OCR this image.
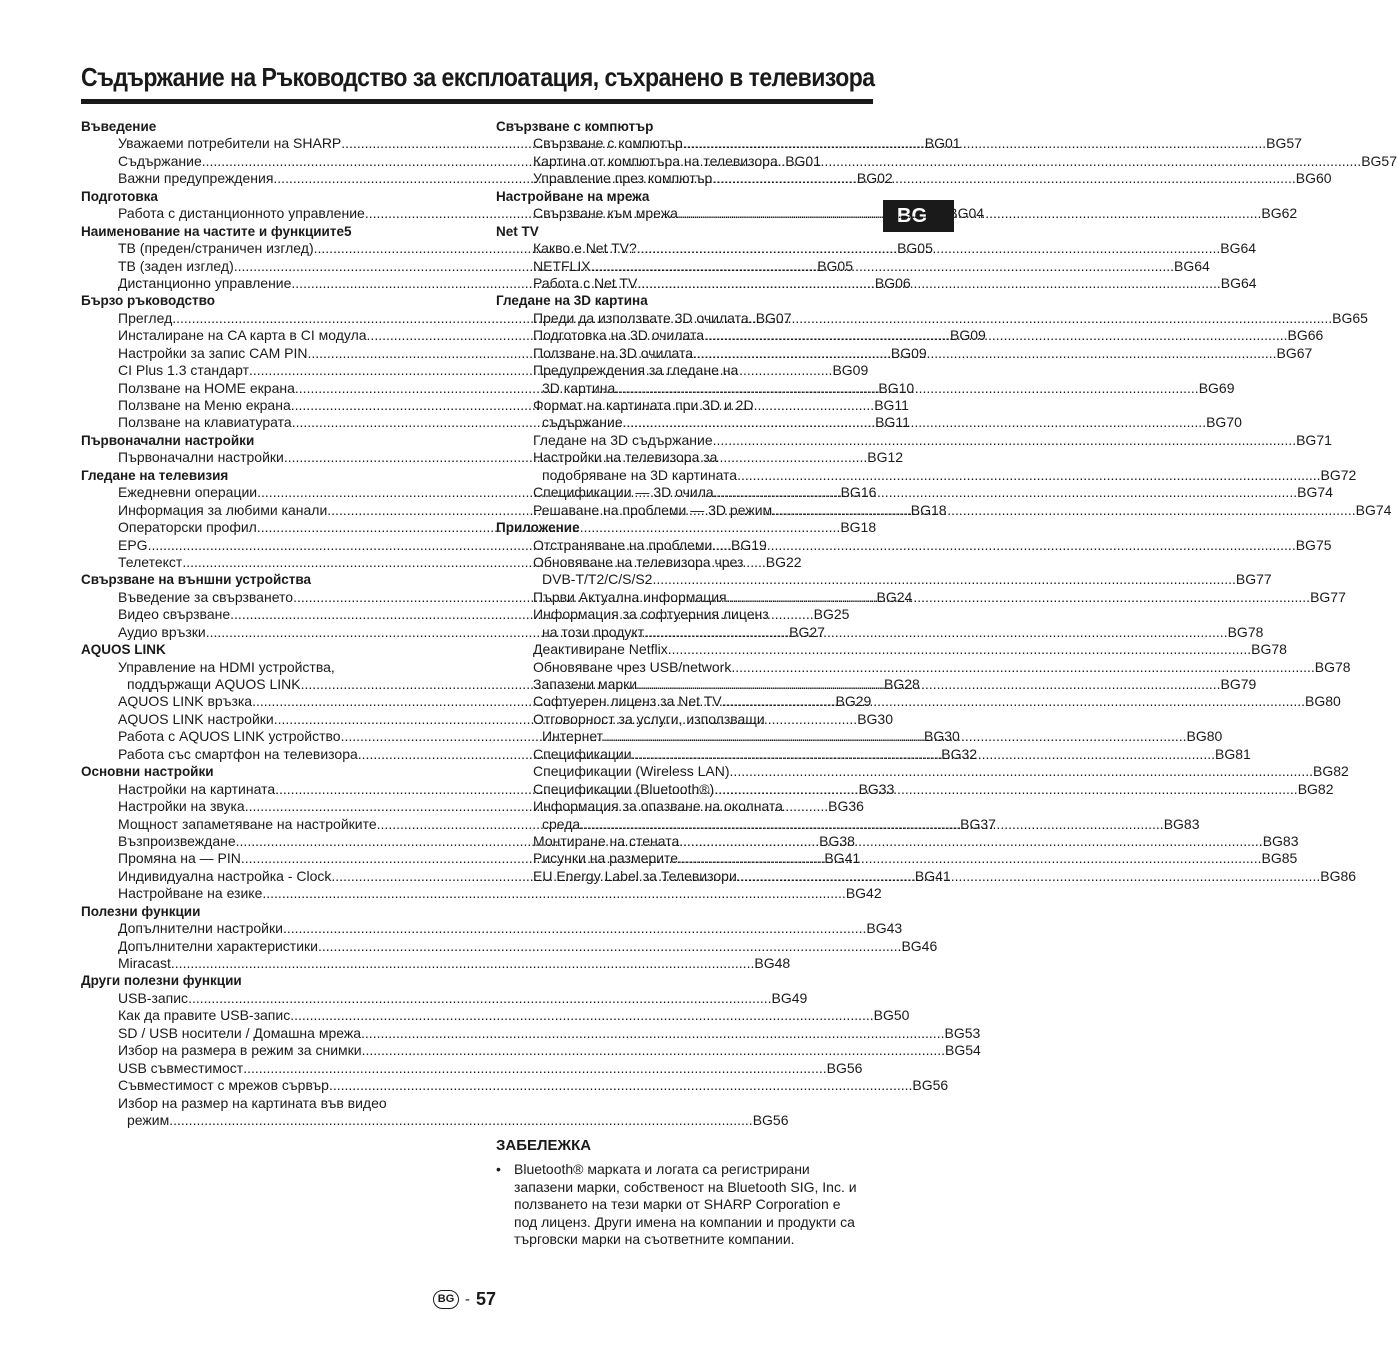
Съдържание на Ръководство за експлоатация, съхранено в телевизора
BG
Въведение
Уважаеми потребители на SHARP .....	BG01
Съдържание .....	BG01
Важни предупреждения .....	BG02
Подготовка
Работа с дистанционното управление .....	BG04
Наименование на частите и функциите5
ТВ (преден/страничен изглед) .....	BG05
ТВ (заден изглед) .....	BG05
Дистанционно управление .....	BG06
Бързо ръководство
Преглед .....	BG07
Инсталиране на CA карта в CI модула .....	BG09
Настройки за запис CAM PIN .....	BG09
CI Plus 1.3 стандарт .....	BG09
Ползване на HOME екрана .....	BG10
Ползване на Меню екрана .....	BG11
Ползване на клавиатурата .....	BG11
Първоначални настройки
Първоначални настройки .....	BG12
Гледане на телевизия
Ежедневни операции .....	BG16
Информация за любими канали .....	BG18
Операторски профил .....	BG18
EPG .....	BG19
Телетекст .....	BG22
Свързване на външни устройства
Въведение за свързването .....	BG24
Видео свързване .....	BG25
Аудио връзки .....	BG27
AQUOS LINK
Управление на HDMI устройства,
поддържащи AQUOS LINK .....	BG28
AQUOS LINK връзка .....	BG29
AQUOS LINK настройки .....	BG30
Работа с AQUOS LINK устройство .....	BG30
Работа със смартфон на телевизора .....	BG32
Основни настройки
Настройки на картината .....	BG33
Настройки на звука .....	BG36
Мощност запаметяване на настройките .....	BG37
Възпроизвеждане .....	BG38
Промяна на — PIN .....	BG41
Индивидуална настройка - Clock .....	BG41
Настройване на езике .....	BG42
Полезни функции
Допълнителни настройки .....	BG43
Допълнителни характеристики .....	BG46
Miracast .....	BG48
Други полезни функции
USB-запис .....	BG49
Как да правите USB-запис .....	BG50
SD / USB носители / Домашна мрежа .....	BG53
Избор на размера в режим за снимки .....	BG54
USB съвместимост .....	BG56
Съвместимост с мрежов сървър .....	BG56
Избор на размер на картината във видео
режим .....	BG56
Свързване с компютър
Свързване с компютър .....	BG57
Картина от компютъра на телевизора .....	BG57
Управление през компютър .....	BG60
Настройване на мрежа
Свързване към мрежа .....	BG62
Net TV
Какво е Net TV? .....	BG64
NETFLIX .....	BG64
Работа с Net TV .....	BG64
Гледане на 3D картина
Преди да използвате 3D очилата .....	BG65
Подготовка на 3D очилата .....	BG66
Ползване на 3D очилата .....	BG67
Предупреждения за гледане на
3D картина .....	BG69
Формат на картината при 3D и 2D
съдържание .....	BG70
Гледане на 3D съдържание .....	BG71
Настройки на телевизора за
подобряване на 3D картината .....	BG72
Спецификации — 3D очила .....	BG74
Решаване на проблеми — 3D режим .....	BG74
Приложение
Отстраняване на проблеми .....	BG75
Обновяване на телевизора чрез
DVB-T/T2/C/S/S2 .....	BG77
Първи Актуална информация .....	BG77
Информация за софтуерния лиценз
на този продукт .....	BG78
Деактивиране Netflix .....	BG78
Обновяване чрез USB/network .....	BG78
Запазени марки .....	BG79
Софтуерен лиценз за Net TV .....	BG80
Отговорност за услуги, използващи
Интернет .....	BG80
Спецификации .....	BG81
Спецификации (Wireless LAN) .....	BG82
Спецификации (Bluetooth®) .....	BG82
Информация за опазване на околната
среда .....	BG83
Монтиране на стената .....	BG83
Рисунки на размерите .....	BG85
EU Energy Label за Телевизори .....	BG86
ЗАБЕЛЕЖКА
• Bluetooth® марката и логата са регистрирани запазени марки, собственост на Bluetooth SIG, Inc. и ползването на тези марки от SHARP Corporation е под лиценз. Други имена на компании и продукти са търговски марки на съответните компании.
BG - 57
